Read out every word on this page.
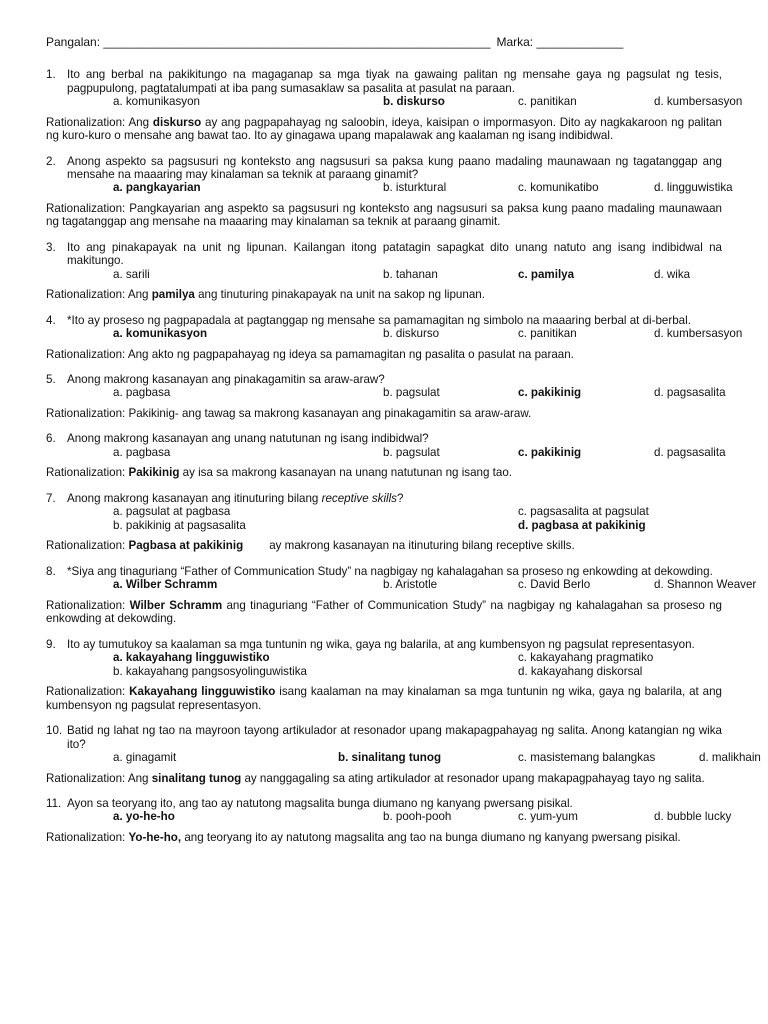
Pangalan: __________________________________________________________ Marka: _____________
1. Ito ang berbal na pakikitungo na magaganap sa mga tiyak na gawaing palitan ng mensahe gaya ng pagsulat ng tesis, pagpupulong, pagtatalumpati at iba pang sumasaklaw sa pasalita at pasulat na paraan.
a. komunikasyon	b. diskurso	c. panitikan	d. kumbersasyon
Rationalization: Ang diskurso ay ang pagpapahayag ng saloobin, ideya, kaisipan o impormasyon. Dito ay nagkakaroon ng palitan ng kuro-kuro o mensahe ang bawat tao. Ito ay ginagawa upang mapalawak ang kaalaman ng isang indibidwal.
2. Anong aspekto sa pagsusuri ng konteksto ang nagsusuri sa paksa kung paano madaling maunawaan ng tagatanggap ang mensahe na maaaring may kinalaman sa teknik at paraang ginamit?
a. pangkayarian	b. isturktural	c. komunikatibo	d. lingguwistika
Rationalization: Pangkayarian ang aspekto sa pagsusuri ng konteksto ang nagsusuri sa paksa kung paano madaling maunawaan ng tagatanggap ang mensahe na maaaring may kinalaman sa teknik at paraang ginamit.
3. Ito ang pinakapayak na unit ng lipunan. Kailangan itong patatagin sapagkat dito unang natuto ang isang indibidwal na makitungo.
a. sarili	b. tahanan	c. pamilya	d. wika
Rationalization: Ang pamilya ang tinuturing pinakapayak na unit na sakop ng lipunan.
4. *Ito ay proseso ng pagpapadala at pagtanggap ng mensahe sa pamamagitan ng simbolo na maaaring berbal at di-berbal.
a. komunikasyon	b. diskurso	c. panitikan	d. kumbersasyon
Rationalization: Ang akto ng pagpapahayag ng ideya sa pamamagitan ng pasalita o pasulat na paraan.
5. Anong makrong kasanayan ang pinakagamitin sa araw-araw?
a. pagbasa	b. pagsulat	c. pakikinig	d. pagsasalita
Rationalization: Pakikinig- ang tawag sa makrong kasanayan ang pinakagamitin sa araw-araw.
6. Anong makrong kasanayan ang unang natutunan ng isang indibidwal?
a. pagbasa	b. pagsulat	c. pakikinig	d. pagsasalita
Rationalization: Pakikinig ay isa sa makrong kasanayan na unang natutunan ng isang tao.
7. Anong makrong kasanayan ang itinuturing bilang receptive skills?
a. pagsulat at pagbasa	c. pagsasalita at pagsulat
b. pakikinig at pagsasalita	d. pagbasa at pakikinig
Rationalization: Pagbasa at pakikinig ay makrong kasanayan na itinuturing bilang receptive skills.
8. *Siya ang tinaguriang “Father of Communication Study” na nagbigay ng kahalagahan sa proseso ng enkowding at dekowding.
a. Wilber Schramm	b. Aristotle	c. David Berlo	d. Shannon Weaver
Rationalization: Wilber Schramm ang tinaguriang “Father of Communication Study” na nagbigay ng kahalagahan sa proseso ng enkowding at dekowding.
9. Ito ay tumutukoy sa kaalaman sa mga tuntunin ng wika, gaya ng balarila, at ang kumbensyon ng pagsulat representasyon.
a. kakayahang lingguwistiko	c. kakayahang pragmatiko
b. kakayahang pangsosyolinguwistika	d. kakayahang diskorsal
Rationalization: Kakayahang lingguwistiko isang kaalaman na may kinalaman sa mga tuntunin ng wika, gaya ng balarila, at ang kumbensyon ng pagsulat representasyon.
10. Batid ng lahat ng tao na mayroon tayong artikulador at resonador upang makapagpahayag ng salita. Anong katangian ng wika ito?
a. ginagamit	b. sinalitang tunog	c. masistemang balangkas	d. malikhain
Rationalization: Ang sinalitang tunog ay nanggagaling sa ating artikulador at resonador upang makapagpahayag tayo ng salita.
11. Ayon sa teoryang ito, ang tao ay natutong magsalita bunga diumano ng kanyang pwersang pisikal.
a. yo-he-ho	b. pooh-pooh	c. yum-yum	d. bubble lucky
Rationalization: Yo-he-ho, ang teoryang ito ay natutong magsalita ang tao na bunga diumano ng kanyang pwersang pisikal.
